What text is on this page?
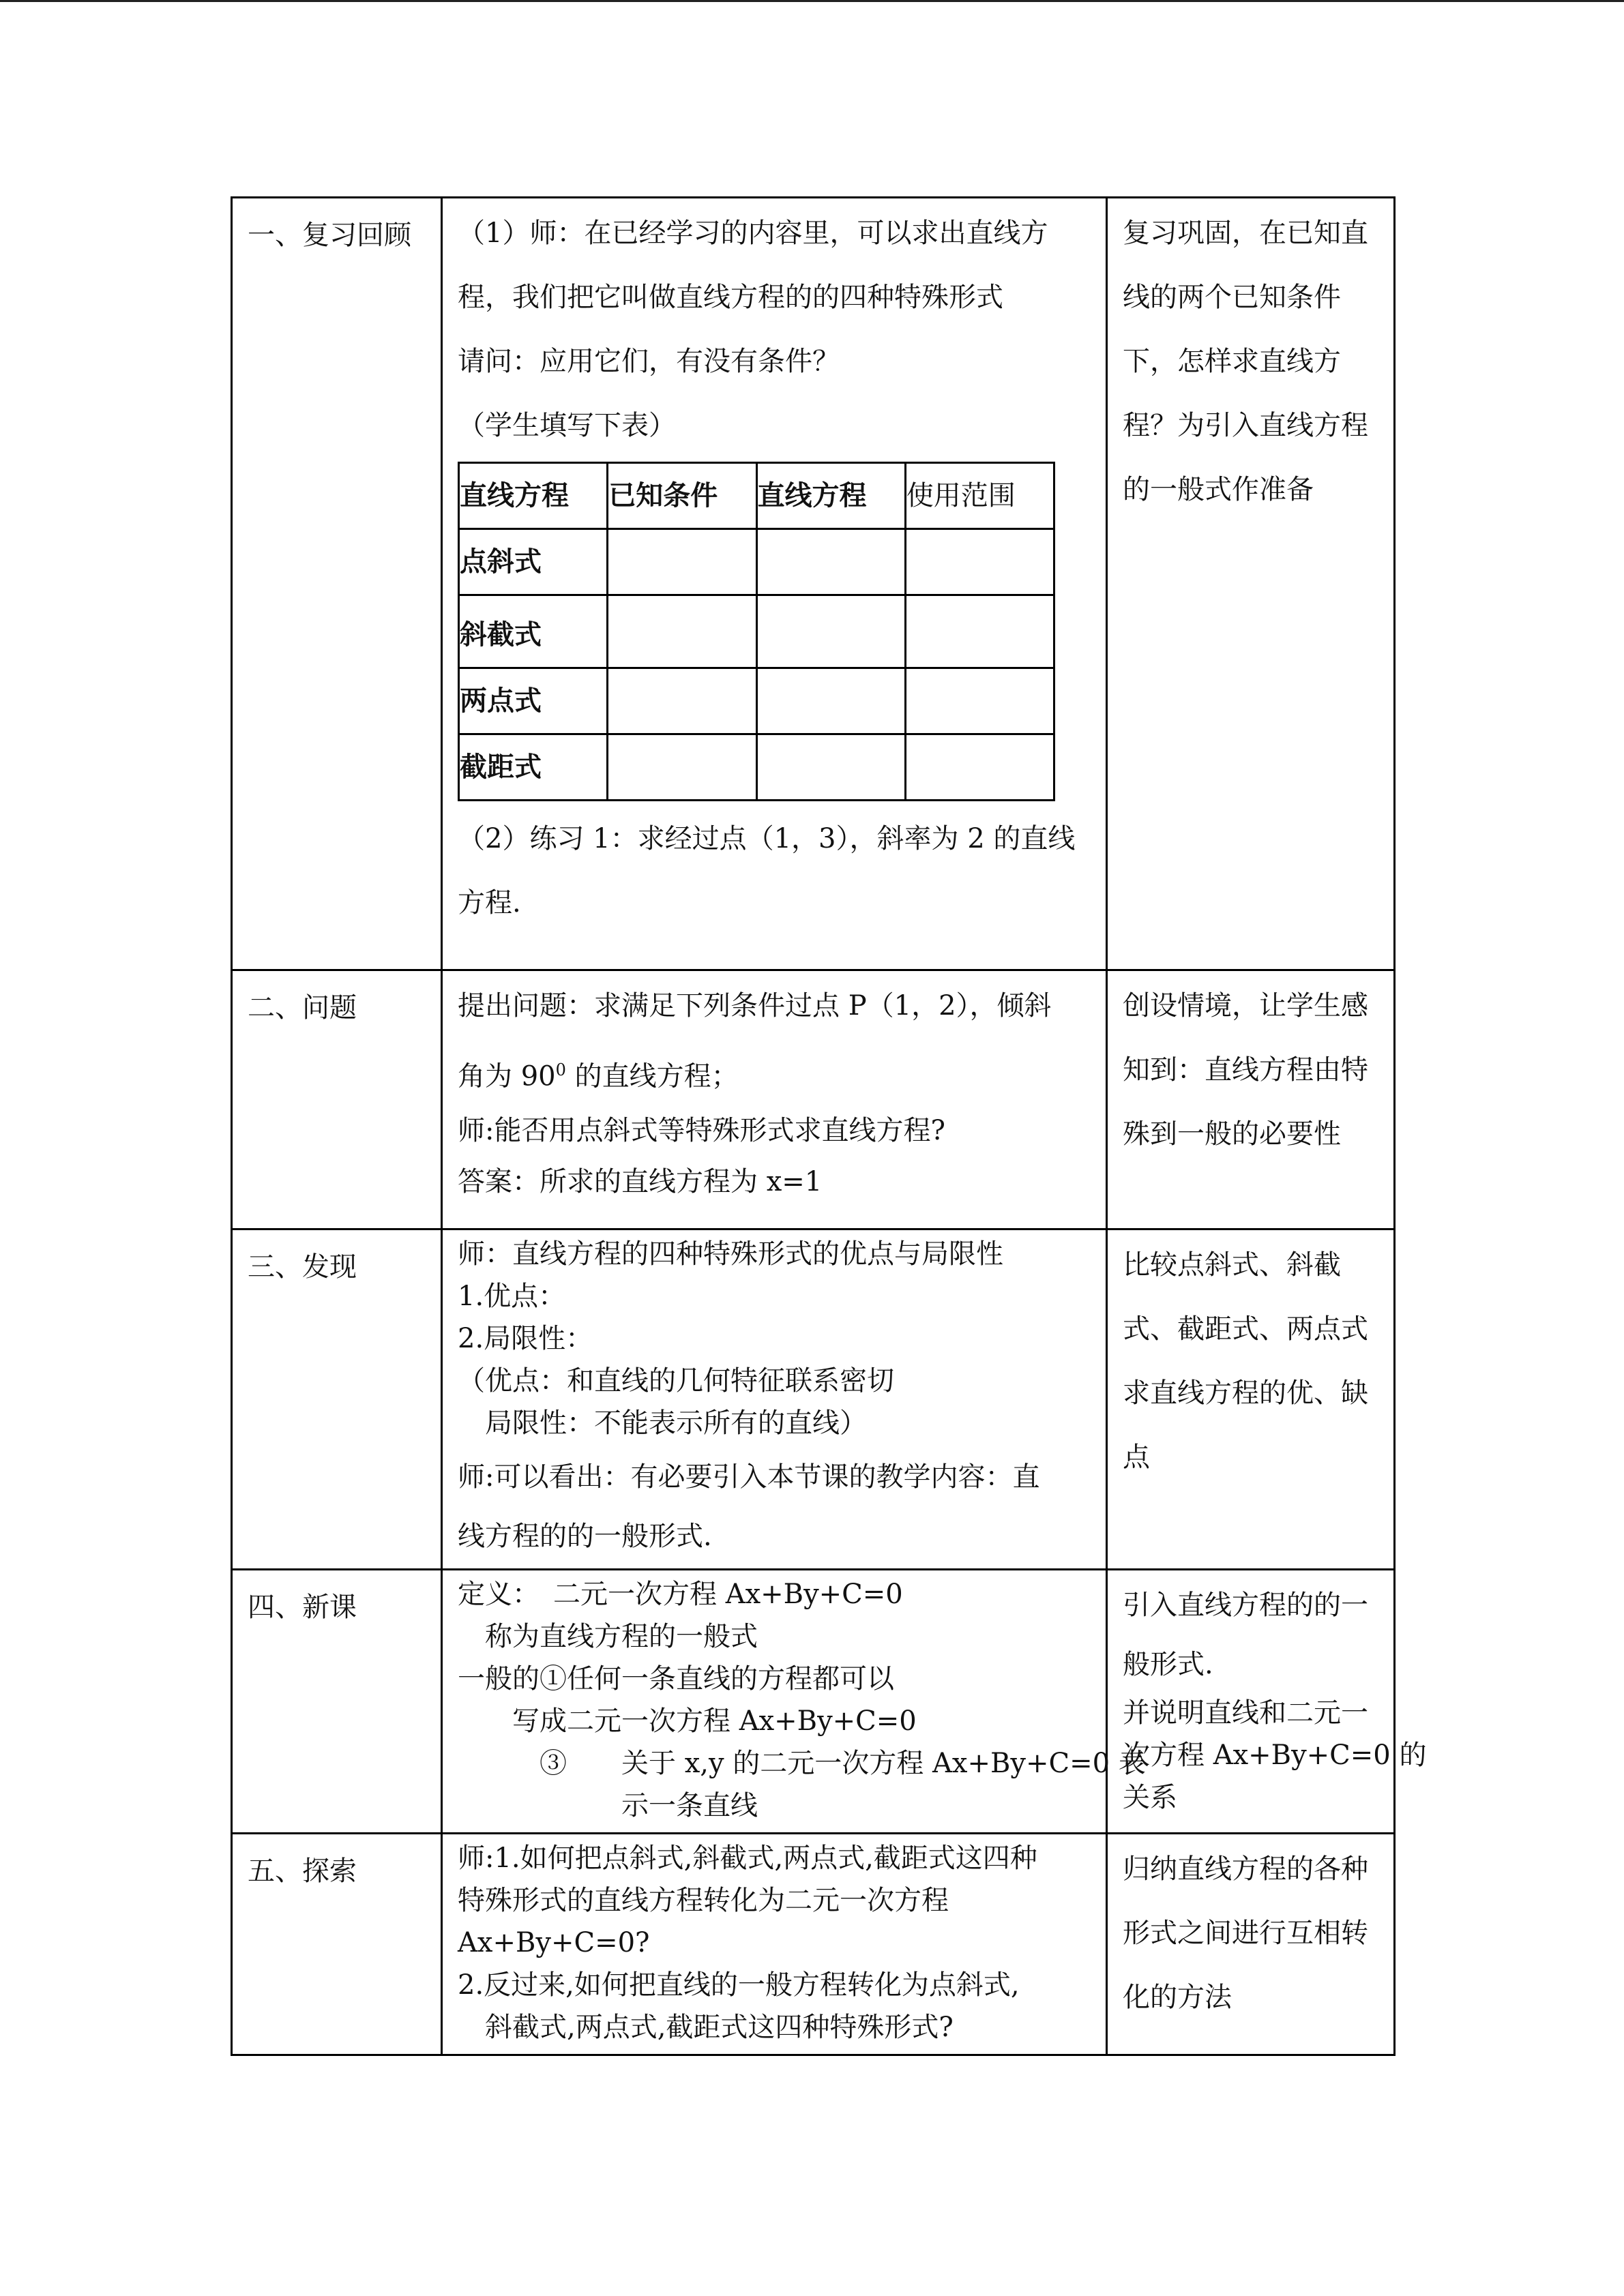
一、复习回顾	（1）师：在已经学习的内容里，可以求出直线方
程，我们把它叫做直线方程的的四种特殊形式
请问：应用它们，有没有条件？
（学生填写下表）
直线方程	已知条件	直线方程	使用范围
点斜式			
斜截式			
两点式			
截距式			
（2）练习 1：求经过点（1，3），斜率为 2 的直线
方程.

复习巩固，在已知直
线的两个已知条件
下，怎样求直线方
程？为引入直线方程
的一般式作准备

二、问题	提出问题：求满足下列条件过点 P（1，2），倾斜
角为 $90^0$ 的直线方程；
师:能否用点斜式等特殊形式求直线方程?
答案：所求的直线方程为 x=1

创设情境，让学生感
知到：直线方程由特
殊到一般的必要性

三、发现	师：直线方程的四种特殊形式的优点与局限性
1.优点：
2.局限性：
（优点：和直线的几何特征联系密切
　局限性：不能表示所有的直线）
师:可以看出：有必要引入本节课的教学内容：直
线方程的的一般形式.

比较点斜式、斜截
式、截距式、两点式
求直线方程的优、缺
点

四、新课	定义：　二元一次方程 Ax+By+C=0
　称为直线方程的一般式
一般的①任何一条直线的方程都可以
　　写成二元一次方程 Ax+By+C=0
　　　③　　关于 x,y 的二元一次方程 Ax+By+C=0 表
　　　　　　示一条直线

引入直线方程的的一
般形式.
并说明直线和二元一
次方程 Ax+By+C=0 的
关系

五、探索	师:1.如何把点斜式,斜截式,两点式,截距式这四种
特殊形式的直线方程转化为二元一次方程
Ax+By+C=0?
2.反过来,如何把直线的一般方程转化为点斜式,
　斜截式,两点式,截距式这四种特殊形式?

归纳直线方程的各种
形式之间进行互相转
化的方法
